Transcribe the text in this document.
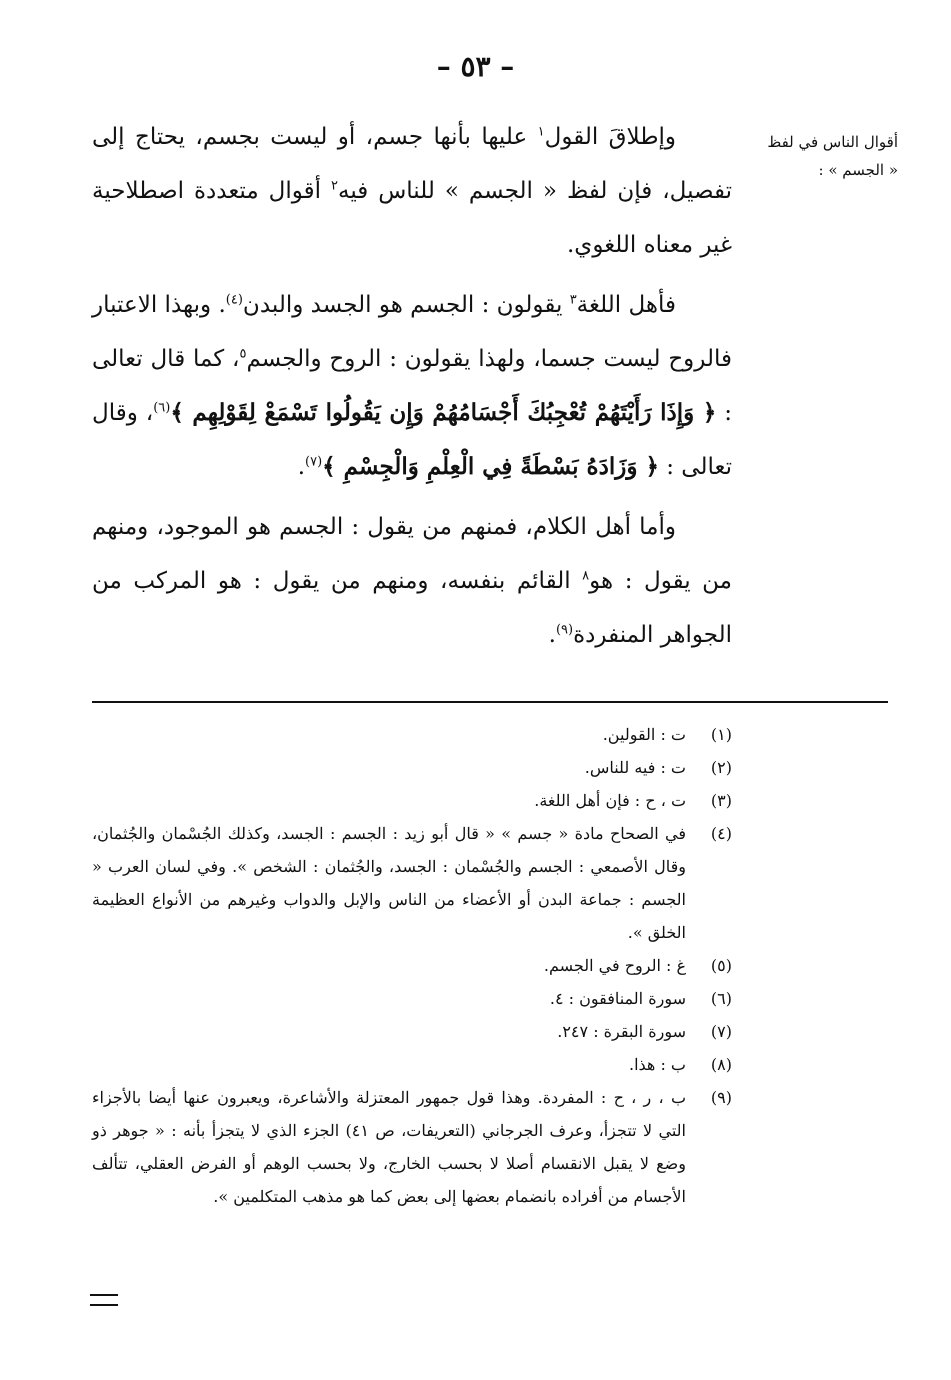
– ٥٣ –
أقوال الناس في لفظ « الجسم » :

وإطلاقَ القول$^١$ عليها بأنها جسم، أو ليست بجسم، يحتاج إلى تفصيل، فإن لفظ « الجسم » للناس فيه$^٢$ أقوال متعددة اصطلاحية غير معناه اللغوي.

فأهل اللغة$^٣$ يقولون : الجسم هو الجسد والبدن$^{(٤)}$. وبهذا الاعتبار فالروح ليست جسما، ولهذا يقولون : الروح والجسم$^٥$، كما قال تعالى : ﴿ وَإِذَا رَأَيْتَهُمْ تُعْجِبُكَ أَجْسَامُهُمْ وَإِن يَقُولُوا تَسْمَعْ لِقَوْلِهِم ﴾$^{(٦)}$، وقال تعالى : ﴿ وَزَادَهُ بَسْطَةً فِي الْعِلْمِ وَالْجِسْمِ ﴾$^{(٧)}$.

وأما أهل الكلام، فمنهم من يقول : الجسم هو الموجود، ومنهم من يقول : هو$^٨$ القائم بنفسه، ومنهم من يقول : هو المركب من الجواهر المنفردة$^{(٩)}$.

(١)
ت : القولين.
(٢)
ت : فيه للناس.
(٣)
ت ، ح : فإن أهل اللغة.
(٤)
في الصحاح مادة « جسم » « قال أبو زيد : الجسم : الجسد، وكذلك الجُسْمان والجُثمان، وقال الأصمعي : الجسم والجُسْمان : الجسد، والجُثمان : الشخص ». وفي لسان العرب « الجسم : جماعة البدن أو الأعضاء من الناس والإبل والدواب وغيرهم من الأنواع العظيمة الخلق ».
(٥)
غ : الروح في الجسم.
(٦)
سورة المنافقون : ٤.
(٧)
سورة البقرة : ٢٤٧.
(٨)
ب : هذا.
(٩)
ب ، ر ، ح : المفردة. وهذا قول جمهور المعتزلة والأشاعرة، ويعبرون عنها أيضا بالأجزاء التي لا تتجزأ، وعرف الجرجاني (التعريفات، ص ٤١) الجزء الذي لا يتجزأ بأنه : « جوهر ذو وضع لا يقبل الانقسام أصلا لا بحسب الخارج، ولا بحسب الوهم أو الفرض العقلي، تتألف الأجسام من أفراده بانضمام بعضها إلى بعض كما هو مذهب المتكلمين ».
